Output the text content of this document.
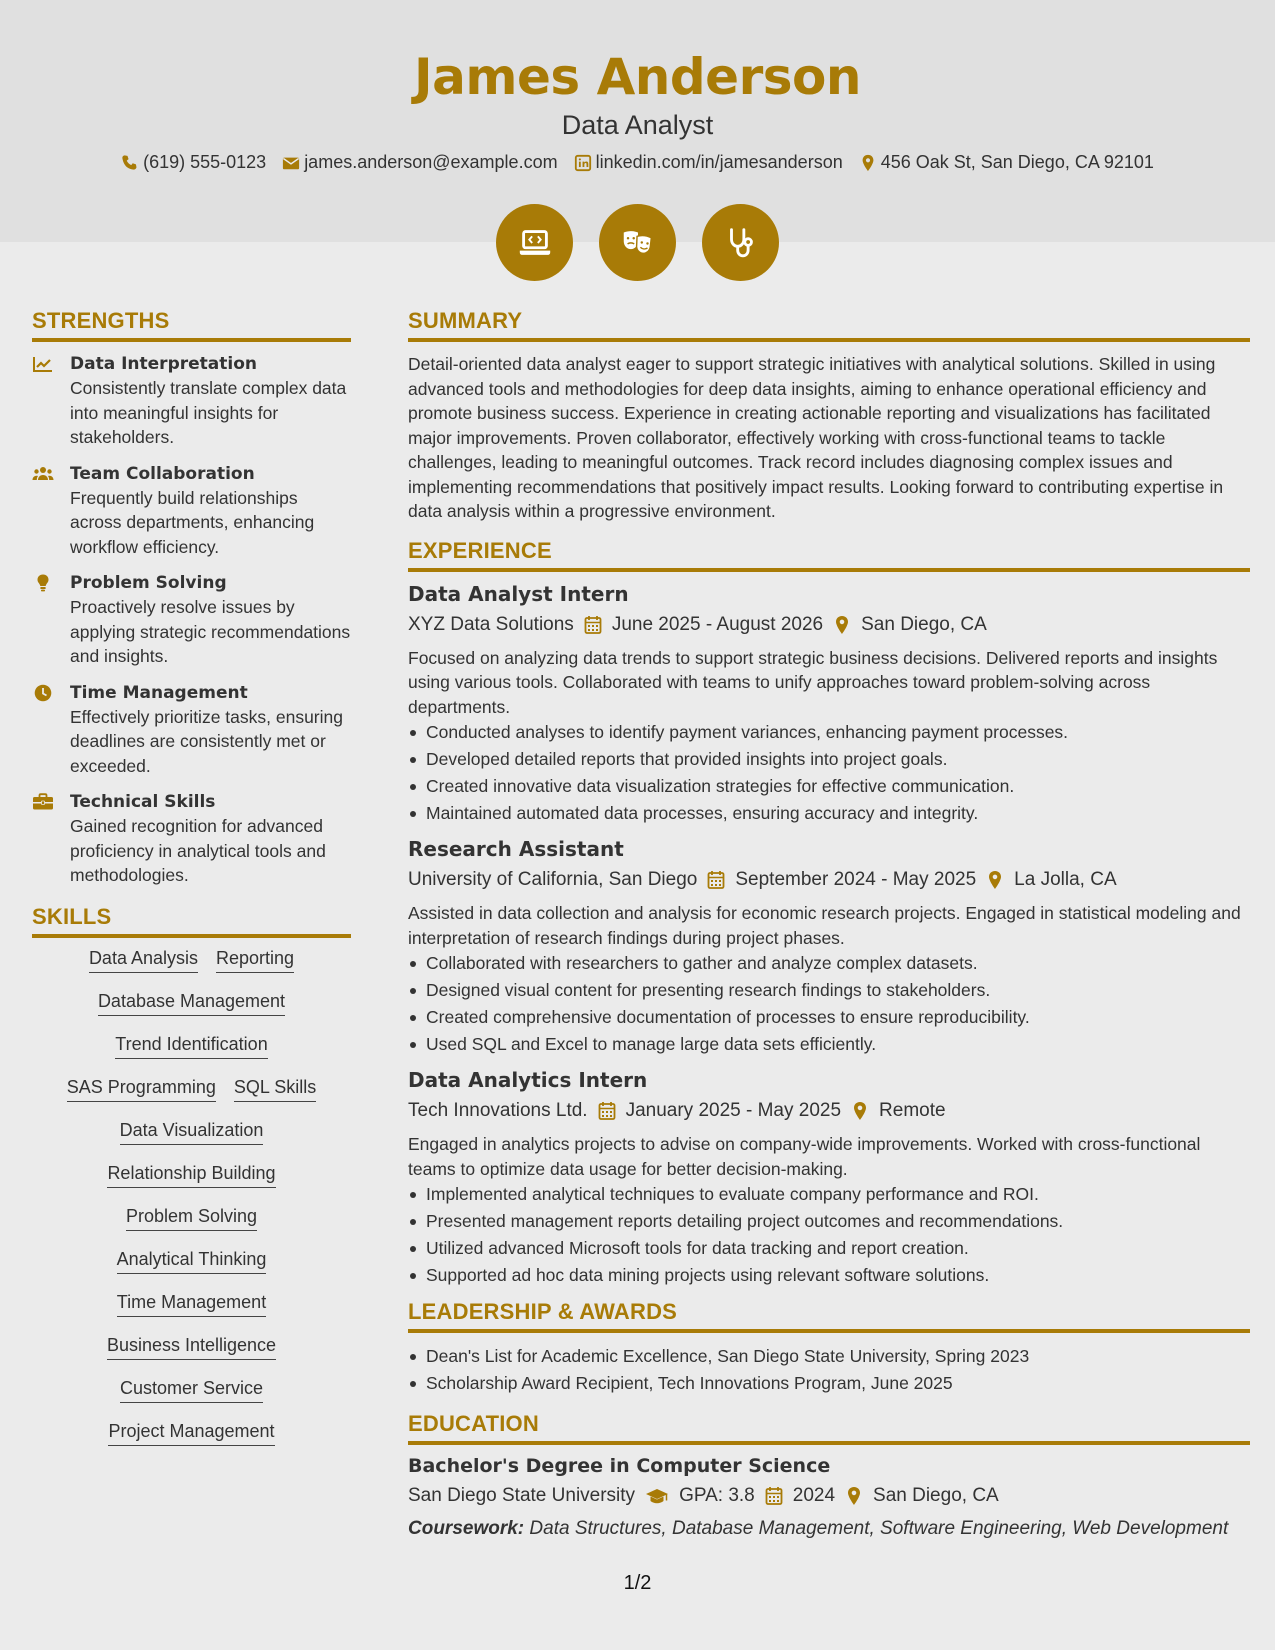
James Anderson
Data Analyst
(619) 555-0123 james.anderson@example.com linkedin.com/in/jamesanderson 456 Oak St, San Diego, CA 92101
STRENGTHS
Data Interpretation
Consistently translate complex data into meaningful insights for stakeholders.
Team Collaboration
Frequently build relationships across departments, enhancing workflow efficiency.
Problem Solving
Proactively resolve issues by applying strategic recommendations and insights.
Time Management
Effectively prioritize tasks, ensuring deadlines are consistently met or exceeded.
Technical Skills
Gained recognition for advanced proficiency in analytical tools and methodologies.
SKILLS
Data Analysis Reporting
Database Management
Trend Identification
SAS Programming SQL Skills
Data Visualization
Relationship Building
Problem Solving
Analytical Thinking
Time Management
Business Intelligence
Customer Service
Project Management
SUMMARY
Detail-oriented data analyst eager to support strategic initiatives with analytical solutions. Skilled in using advanced tools and methodologies for deep data insights, aiming to enhance operational efficiency and promote business success. Experience in creating actionable reporting and visualizations has facilitated major improvements. Proven collaborator, effectively working with cross-functional teams to tackle challenges, leading to meaningful outcomes. Track record includes diagnosing complex issues and implementing recommendations that positively impact results. Looking forward to contributing expertise in data analysis within a progressive environment.
EXPERIENCE
Data Analyst Intern
XYZ Data Solutions June 2025 - August 2026 San Diego, CA
Focused on analyzing data trends to support strategic business decisions. Delivered reports and insights using various tools. Collaborated with teams to unify approaches toward problem-solving across departments.
Conducted analyses to identify payment variances, enhancing payment processes.
Developed detailed reports that provided insights into project goals.
Created innovative data visualization strategies for effective communication.
Maintained automated data processes, ensuring accuracy and integrity.
Research Assistant
University of California, San Diego September 2024 - May 2025 La Jolla, CA
Assisted in data collection and analysis for economic research projects. Engaged in statistical modeling and interpretation of research findings during project phases.
Collaborated with researchers to gather and analyze complex datasets.
Designed visual content for presenting research findings to stakeholders.
Created comprehensive documentation of processes to ensure reproducibility.
Used SQL and Excel to manage large data sets efficiently.
Data Analytics Intern
Tech Innovations Ltd. January 2025 - May 2025 Remote
Engaged in analytics projects to advise on company-wide improvements. Worked with cross-functional teams to optimize data usage for better decision-making.
Implemented analytical techniques to evaluate company performance and ROI.
Presented management reports detailing project outcomes and recommendations.
Utilized advanced Microsoft tools for data tracking and report creation.
Supported ad hoc data mining projects using relevant software solutions.
LEADERSHIP & AWARDS
Dean's List for Academic Excellence, San Diego State University, Spring 2023
Scholarship Award Recipient, Tech Innovations Program, June 2025
EDUCATION
Bachelor's Degree in Computer Science
San Diego State University GPA: 3.8 2024 San Diego, CA
Coursework: Data Structures, Database Management, Software Engineering, Web Development
1/2
